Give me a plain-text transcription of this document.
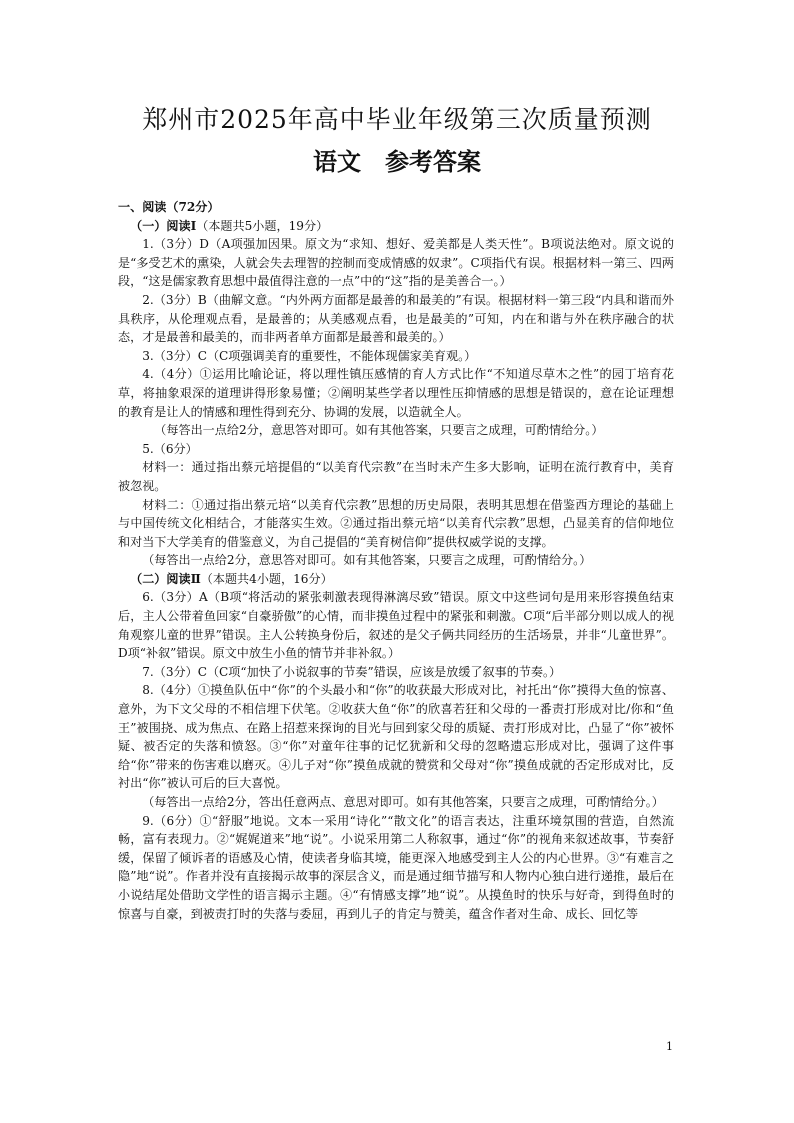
郑州市2025年高中毕业年级第三次质量预测
语文　参考答案

一、阅读（72分）

（一）阅读Ⅰ（本题共5小题，19分）

1.（3分）D（A项强加因果。原文为“求知、想好、爱美都是人类天性”。B项说法绝对。原文说的是“多受艺术的熏染，人就会失去理智的控制而变成情感的奴隶”。C项指代有误。根据材料一第三、四两段，“这是儒家教育思想中最值得注意的一点”中的“这”指的是美善合一。）

2.（3分）B（曲解文意。“内外两方面都是最善的和最美的”有误。根据材料一第三段“内具和谐而外具秩序，从伦理观点看，是最善的；从美感观点看，也是最美的”可知，内在和谐与外在秩序融合的状态，才是最善和最美的，而非两者单方面都是最善和最美的。）

3.（3分）C（C项强调美育的重要性，不能体现儒家美育观。）

4.（4分）①运用比喻论证，将以理性镇压感情的育人方式比作“不知道尽草木之性”的园丁培育花草，将抽象艰深的道理讲得形象易懂；②阐明某些学者以理性压抑情感的思想是错误的，意在论证理想的教育是让人的情感和理性得到充分、协调的发展，以造就全人。

（每答出一点给2分，意思答对即可。如有其他答案，只要言之成理，可酌情给分。）

5.（6分）

材料一：通过指出蔡元培提倡的“以美育代宗教”在当时未产生多大影响，证明在流行教育中，美育被忽视。

材料二：①通过指出蔡元培“以美育代宗教”思想的历史局限，表明其思想在借鉴西方理论的基础上与中国传统文化相结合，才能落实生效。②通过指出蔡元培“以美育代宗教”思想，凸显美育的信仰地位和对当下大学美育的借鉴意义，为自己提倡的“美育树信仰”提供权威学说的支撑。

（每答出一点给2分，意思答对即可。如有其他答案，只要言之成理，可酌情给分。）

（二）阅读Ⅱ（本题共4小题，16分）

6.（3分）A（B项“将活动的紧张刺激表现得淋漓尽致”错误。原文中这些词句是用来形容摸鱼结束后，主人公带着鱼回家“自豪骄傲”的心情，而非摸鱼过程中的紧张和刺激。C项“后半部分则以成人的视角观察儿童的世界”错误。主人公转换身份后，叙述的是父子俩共同经历的生活场景，并非“儿童世界”。D项“补叙”错误。原文中放生小鱼的情节并非补叙。）

7.（3分）C（C项“加快了小说叙事的节奏”错误，应该是放缓了叙事的节奏。）

8.（4分）①摸鱼队伍中“你”的个头最小和“你”的收获最大形成对比，衬托出“你”摸得大鱼的惊喜、意外，为下文父母的不相信埋下伏笔。②收获大鱼“你”的欣喜若狂和父母的一番责打形成对比/你和“鱼王”被围挠、成为焦点、在路上招惹来探询的目光与回到家父母的质疑、责打形成对比，凸显了“你”被怀疑、被否定的失落和愤怒。③“你”对童年往事的记忆犹新和父母的忽略遗忘形成对比，强调了这件事给“你”带来的伤害难以磨灭。④儿子对“你”摸鱼成就的赞赏和父母对“你”摸鱼成就的否定形成对比，反衬出“你”被认可后的巨大喜悦。

（每答出一点给2分，答出任意两点、意思对即可。如有其他答案，只要言之成理，可酌情给分。）

9.（6分）①“舒服”地说。文本一采用“诗化”“散文化”的语言表达，注重环境氛围的营造，自然流畅，富有表现力。②“娓娓道来”地“说”。小说采用第二人称叙事，通过“你”的视角来叙述故事，节奏舒缓，保留了倾诉者的语感及心情，使读者身临其境，能更深入地感受到主人公的内心世界。③“有难言之隐”地“说”。作者并没有直接揭示故事的深层含义，而是通过细节描写和人物内心独白进行递推，最后在小说结尾处借助文学性的语言揭示主题。④“有情感支撑”地“说”。从摸鱼时的快乐与好奇，到得鱼时的惊喜与自豪，到被责打时的失落与委屈，再到儿子的肯定与赞美，蕴含作者对生命、成长、回忆等

1
